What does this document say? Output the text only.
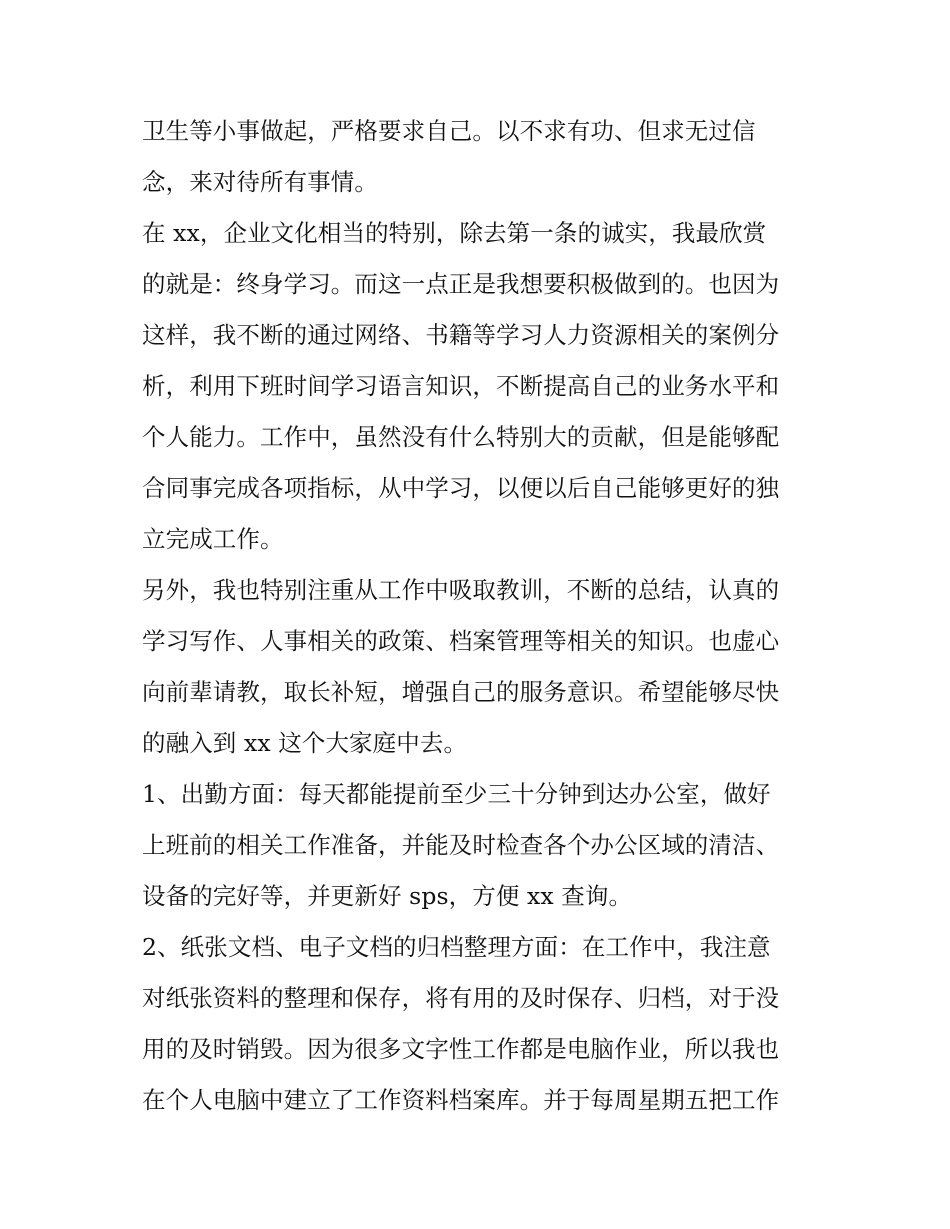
卫生等小事做起，严格要求自己。以不求有功、但求无过信
念，来对待所有事情。
在 xx，企业文化相当的特别，除去第一条的诚实，我最欣赏
的就是：终身学习。而这一点正是我想要积极做到的。也因为
这样，我不断的通过网络、书籍等学习人力资源相关的案例分
析，利用下班时间学习语言知识，不断提高自己的业务水平和
个人能力。工作中，虽然没有什么特别大的贡献，但是能够配
合同事完成各项指标，从中学习，以便以后自己能够更好的独
立完成工作。
另外，我也特别注重从工作中吸取教训，不断的总结，认真的
学习写作、人事相关的政策、档案管理等相关的知识。也虚心
向前辈请教，取长补短，增强自己的服务意识。希望能够尽快
的融入到 xx 这个大家庭中去。
1、出勤方面：每天都能提前至少三十分钟到达办公室，做好
上班前的相关工作准备，并能及时检查各个办公区域的清洁、
设备的完好等，并更新好 sps，方便 xx 查询。
2、纸张文档、电子文档的归档整理方面：在工作中，我注意
对纸张资料的整理和保存，将有用的及时保存、归档，对于没
用的及时销毁。因为很多文字性工作都是电脑作业，所以我也
在个人电脑中建立了工作资料档案库。并于每周星期五把工作
